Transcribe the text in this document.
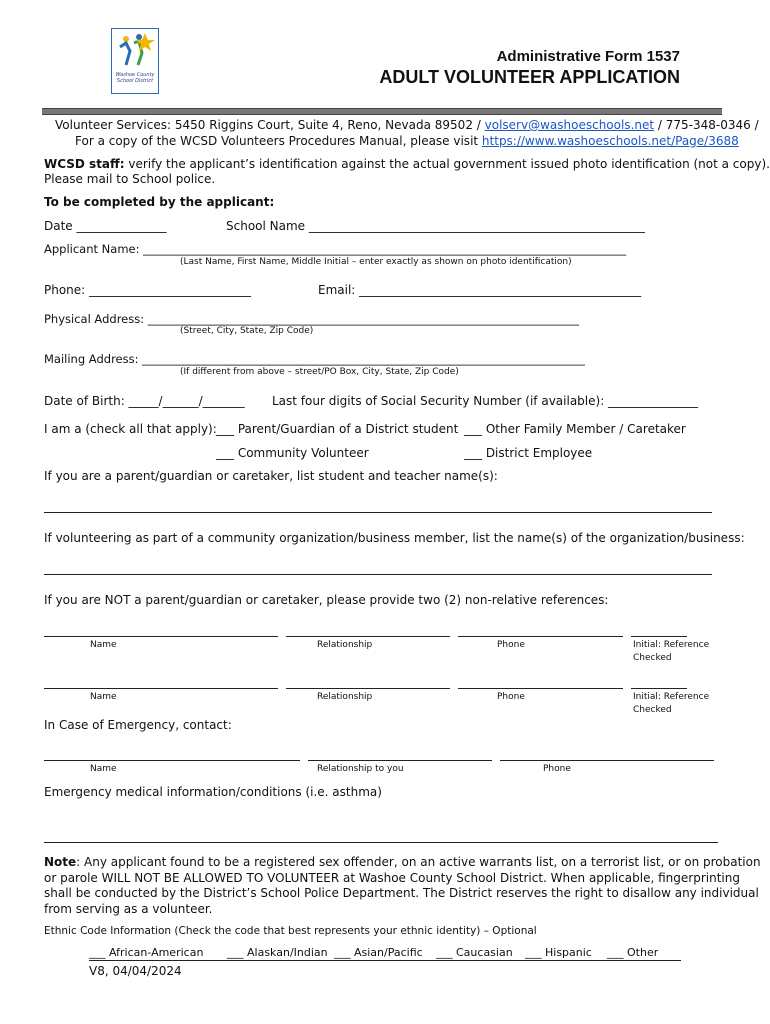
Washoe County School District
Administrative Form 1537
ADULT VOLUNTEER APPLICATION
Volunteer Services: 5450 Riggins Court, Suite 4, Reno, Nevada 89502 / volserv@washoeschools.net / 775-348-0346 /
For a copy of the WCSD Volunteers Procedures Manual, please visit https://www.washoeschools.net/Page/3688
WCSD staff: verify the applicant’s identification against the actual government issued photo identification (not a copy).
Please mail to School police.
To be completed by the applicant:
Date _______________	School Name ________________________________________________________
Applicant Name: ____________________________________________________________________________________
(Last Name, First Name, Middle Initial – enter exactly as shown on photo identification)
Phone: ___________________________	Email: _______________________________________________
Physical Address: ___________________________________________________________________________
(Street, City, State, Zip Code)
Mailing Address: _____________________________________________________________________________
(If different from above – street/PO Box, City, State, Zip Code)
Date of Birth: _____/______/_______ Last four digits of Social Security Number (if available): _______________
I am a (check all that apply): ___ Parent/Guardian of a District student ___ Other Family Member / Caretaker
___ Community Volunteer	___ District Employee
If you are a parent/guardian or caretaker, list student and teacher name(s):
If volunteering as part of a community organization/business member, list the name(s) of the organization/business:
If you are NOT a parent/guardian or caretaker, please provide two (2) non-relative references:
Name	Relationship	Phone	Initial: Reference
Checked
Name	Relationship	Phone	Initial: Reference
Checked
In Case of Emergency, contact:
Name	Relationship to you	Phone
Emergency medical information/conditions (i.e. asthma)
Note: Any applicant found to be a registered sex offender, on an active warrants list, on a terrorist list, or on probation
or parole WILL NOT BE ALLOWED TO VOLUNTEER at Washoe County School District. When applicable, fingerprinting
shall be conducted by the District’s School Police Department. The District reserves the right to disallow any individual
from serving as a volunteer.
Ethnic Code Information (Check the code that best represents your ethnic identity) – Optional
___ African-American ___ Alaskan/Indian ___ Asian/Pacific ___ Caucasian ___ Hispanic ___ Other
V8, 04/04/2024
